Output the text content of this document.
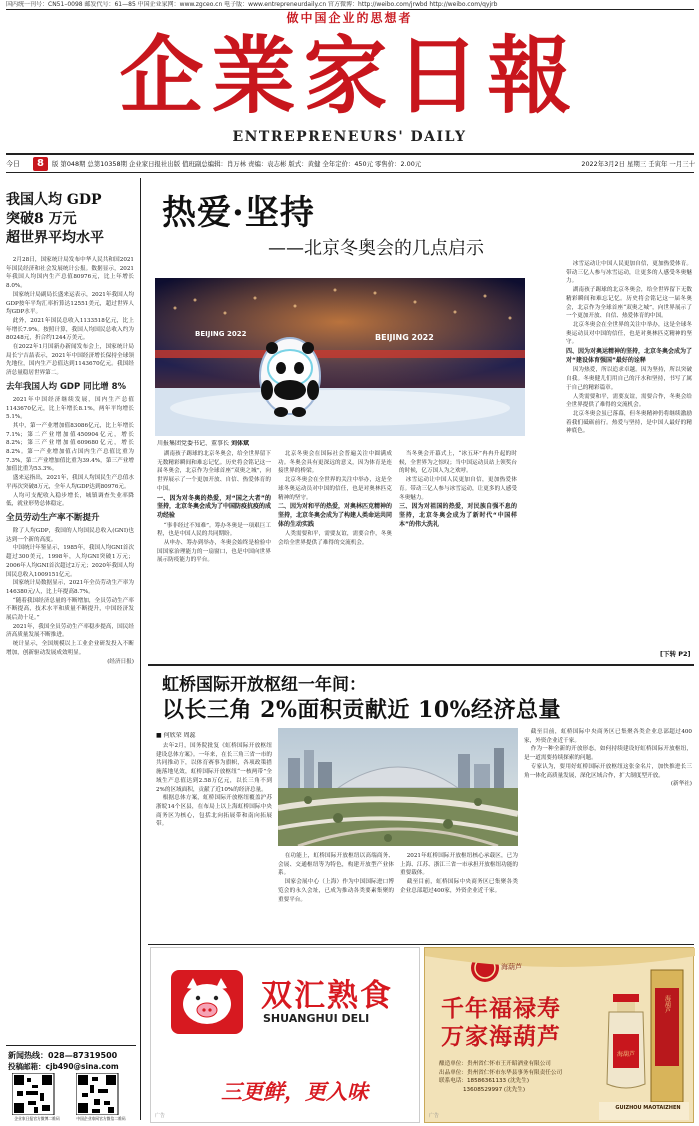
国内统一刊号：CN51–0098 邮发代号：61—85 中国企业家网：www.zgceo.cn 电子版：www.entrepreneurdaily.cn 官方微博：http://weibo.com/jrwbd http://weibo.com/qyjrb
做中国企业的思想者
企業家日報
ENTREPRENEURS' DAILY
今日	8	版 第048期 总第10358期 企业家日报社出版 值班副总编辑：肖万林 责编：袁志彬 版式：黄健 全年定价：450元 零售价：2.00元	2022年3月2日 星期三 壬寅年 一月三十
我国人均 GDP
突破8 万元
超世界平均水平

2月28日，国家统计局发布中华人民共和国2021年国民经济和社会发展统计公报。数据显示，2021年我国人均国内生产总值80976元，比上年增长8.0%。

国家统计局副局长盛来运表示，2021年我国人均GDP按年平均汇率折算达12551美元，超过世界人均GDP水平。

此外，2021年国民总收入1133518亿元，比上年增长7.9%。按照计算，我国人均国民总收入约为80248元，折合约1244万美元。

在2022年1月国新办新闻发布会上，国家统计局局长宁吉喆表示，2021年中国经济增长保持全球领先地位，国内生产总值达到1143670亿元。我国经济总量稳居世界第二。

去年我国人均 GDP 同比增 8%

2021年中国经济继续发展，国内生产总值1143670亿元，比上年增长8.1%，两年平均增长5.1%。

其中，第一产业增加值83086亿元，比上年增长7.1%；第二产业增加值450904亿元，增长8.2%；第三产业增加值609680亿元，增长8.2%。第一产业增加值占国内生产总值比重为7.3%，第二产业增加值比重为39.4%，第三产业增加值比重为53.3%。

盛来运指出，2021年，我国人均国民生产总值水平再次突破8万元，全年人均GDP达到80976元。

人均可支配收入稳步增长，城镇调查失业率降低，就业形势总体稳定。

全员劳动生产率不断提升

除了人均GDP，我国的人均国民总收入(GNI)也达到一个新的高度。

中国统计年鉴显示，1985年，我国人均GNI首次超过300美元，1998年，人均GNI突破1万元；2006年人均GNI首次超过2万元；2020年我国人均国民总收入1009151亿元。

国家统计局数据显示，2021年全员劳动生产率为146380元/人，比上年提高8.7%。

“随着我国经济总量的不断增加，全员劳动生产率不断提高，技术水平和质量不断提升，中国经济发展后劲十足。”

2021年，我国全员劳动生产率稳步提高，国民经济高质量发展不断推进。

统计显示，全国规模以上工业企业研发投入不断增加，创新驱动发展成效明显。

(经济日报)
新闻热线：028—87319500
投稿邮箱：cjb490@sina.com
企业家日报官方微博二维码	中国企业家网官方微信二维码
热爱·坚持
——北京冬奥会的几点启示
BEIJING 2022	BEIJING 2022
川报集团党委书记、董事长 刘体斌

湖南孩子踢球的北京冬奥会，给全世界留下无数精彩瞬间和难忘记忆。历史将会铭记这一届冬奥会，北京作为全球首座“双奥之城”，向世界展示了一个更加开放、自信、热爱体育的中国。

一、因为对冬奥的热爱，对“国之大者”的坚持，北京冬奥会成为了中国防疫抗疫的成功经验

“事非经过不知难”。筹办冬奥是一项艰巨工程，也是中国人民的共同期盼。

从申办、筹办到举办，冬奥会始终是检验中国国家治理能力的一扇窗口，也是中国向世界展示防疫能力的平台。

北京冬奥会在国际社会普遍关注中圆满成功。冬奥会具有更深远的意义，因为体育是连接世界的桥梁。

北京冬奥会在全世界的关注中举办，这是全球冬奥运动员对中国的信任，也是对奥林匹克精神的坚守。

二、因为对和平的热爱，对奥林匹克精神的坚持，北京冬奥会成为了构建人类命运共同体的生动实践

人类需要和平，需要友谊，需要合作，冬奥会给全世界提供了难得的交流机会。

当冬奥会开幕式上，“冰五环”冉冉升起的时候，全世界为之惊叹；当中国运动员站上领奖台的时候，亿万国人为之欢呼。

冰雪运动让中国人民更加自信，更加热爱体育。带动三亿人参与冰雪运动，让更多的人感受冬奥魅力。

三、因为对祖国的热爱，对民族自强不息的坚持，北京冬奥会成为了新时代“中国样本”的伟大洗礼

冰雪运动让中国人民更加自信，更加热爱体育。带动三亿人参与冰雪运动，让更多的人感受冬奥魅力。

湖南孩子踢球的北京冬奥会，给全世界留下无数精彩瞬间和难忘记忆。历史将会铭记这一届冬奥会，北京作为全球首座“双奥之城”，向世界展示了一个更加开放、自信、热爱体育的中国。

北京冬奥会在全世界的关注中举办，这是全球冬奥运动员对中国的信任，也是对奥林匹克精神的坚守。

四、因为对奥运精神的坚持，北京冬奥会成为了对“建设体育强国”最好的诠释

因为热爱，所以追求卓越。因为坚持，所以突破自我。冬奥健儿们用自己的汗水和坚持，书写了属于自己的精彩篇章。

人类需要和平，需要友谊，需要合作，冬奥会给全世界提供了难得的交流机会。

北京冬奥会虽已落幕，但冬奥精神仍将继续激励着我们砥砺前行。热爱与坚持，是中国人最好的精神底色。

[下转 P2]
虹桥国际开放枢纽一年间：
以长三角 2%面积贡献近 10%经济总量
■ 何欣荣 周蕊

去年2月，国务院批复《虹桥国际开放枢纽建设总体方案》。一年来，在长三角三省一市的共同推动下，以体育赛事为旗帜，各项政策措施落地见效，虹桥国际开放枢纽“一核两带”全域生产总值达到2.58万亿元，以长三角不到2%的区域面积，贡献了近10%的经济总量。

根据总体方案，虹桥国际开放枢纽覆盖沪苏浙皖14个区县，在布局上以上海虹桥国际中央商务区为核心，包括北向拓展带和南向拓展带。

在功能上，虹桥国际开放枢纽以高端商务、会展、交通枢纽等为特色，构建开放型产业体系。

国家会展中心（上海）作为中国国际进口博览会的永久会址，已成为推动各类要素集聚的重要平台。

2021年虹桥国际开放枢纽核心承载区，已为上海、江苏、浙江三省一市承担开放枢纽功能的重要载体。

截至目前，虹桥国际中央商务区已集聚各类企业总部超过400家，外资企业近千家。

截至目前，虹桥国际中央商务区已集聚各类企业总部超过400家，外资企业近千家。

作为一种全新的开放形态，如何持续建设好虹桥国际开放枢纽，是一道需要持续探索的问题。

专家认为，要用好虹桥国际开放枢纽这张金名片，加快推进长三角一体化高质量发展，深化区域合作，扩大制度型开放。

(新华社)
双汇熟食
SHUANGHUI DELI
三更鲜，更入味
广告
海葫芦
千年福禄寿
万家海葫芦
酿造单位：贵州省仁怀市王开昭酒业有限公司
出品单位：贵州省仁怀市东华县事务有限责任公司
联系电话：18586361133 (沈先生)
13608529997 (沈先生)
海葫芦
海葫芦
GUIZHOU MAOTAIZHEN
广告
